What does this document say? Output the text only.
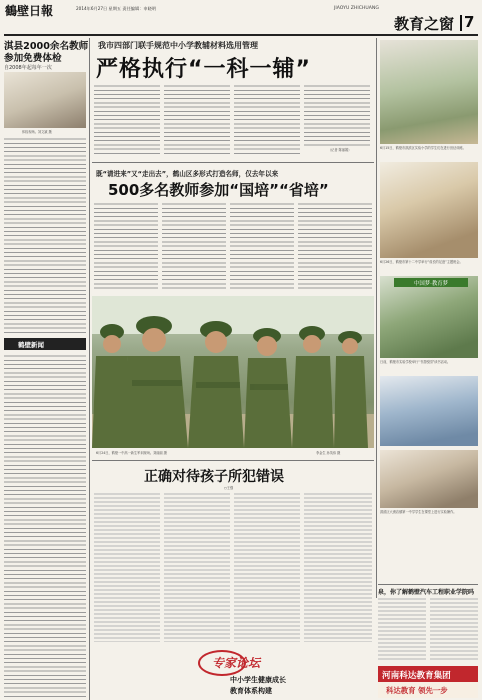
鶴壁日報	2014年6月27日 星期五 责任编辑：申晓明	JIAOYU ZHICHUANG
教育之窗 7
淇县2000余名教师
参加免费体检
自2008年起每年一次
体检现场。刘文斌 摄
鹤壁新闻
我市四部门联手规范中小学教辅材料选用管理
严格执行“一科一辅”
（记者 陈丽娟）
既“请进来”又“走出去”，鹤山区多形式打造名师，仅去年以来
500多名教师参加“国培”“省培”
6月24日，鹤壁一中高一新生军训现场。刘丽丽 摄	李金生 孙英伟 摄
正确对待孩子所犯错误
○王强
专家论坛
中小学生健康成长
教育体系构建
6月15日，鹤壁市淇滨区实验小学的学生们在进行田径训练。
6月26日，鹤壁市第十二中学举行“成长的足迹”主题班会。
中国梦·教育梦
日前，鹤壁市实验学校举行“书香校园”读书活动。
淇滨区大赉店镇第一中学学生在课堂上进行实验操作。
泉，你了解鹤壁汽车工程职业学院吗
河南科达教育集团
科达教育 领先一步
